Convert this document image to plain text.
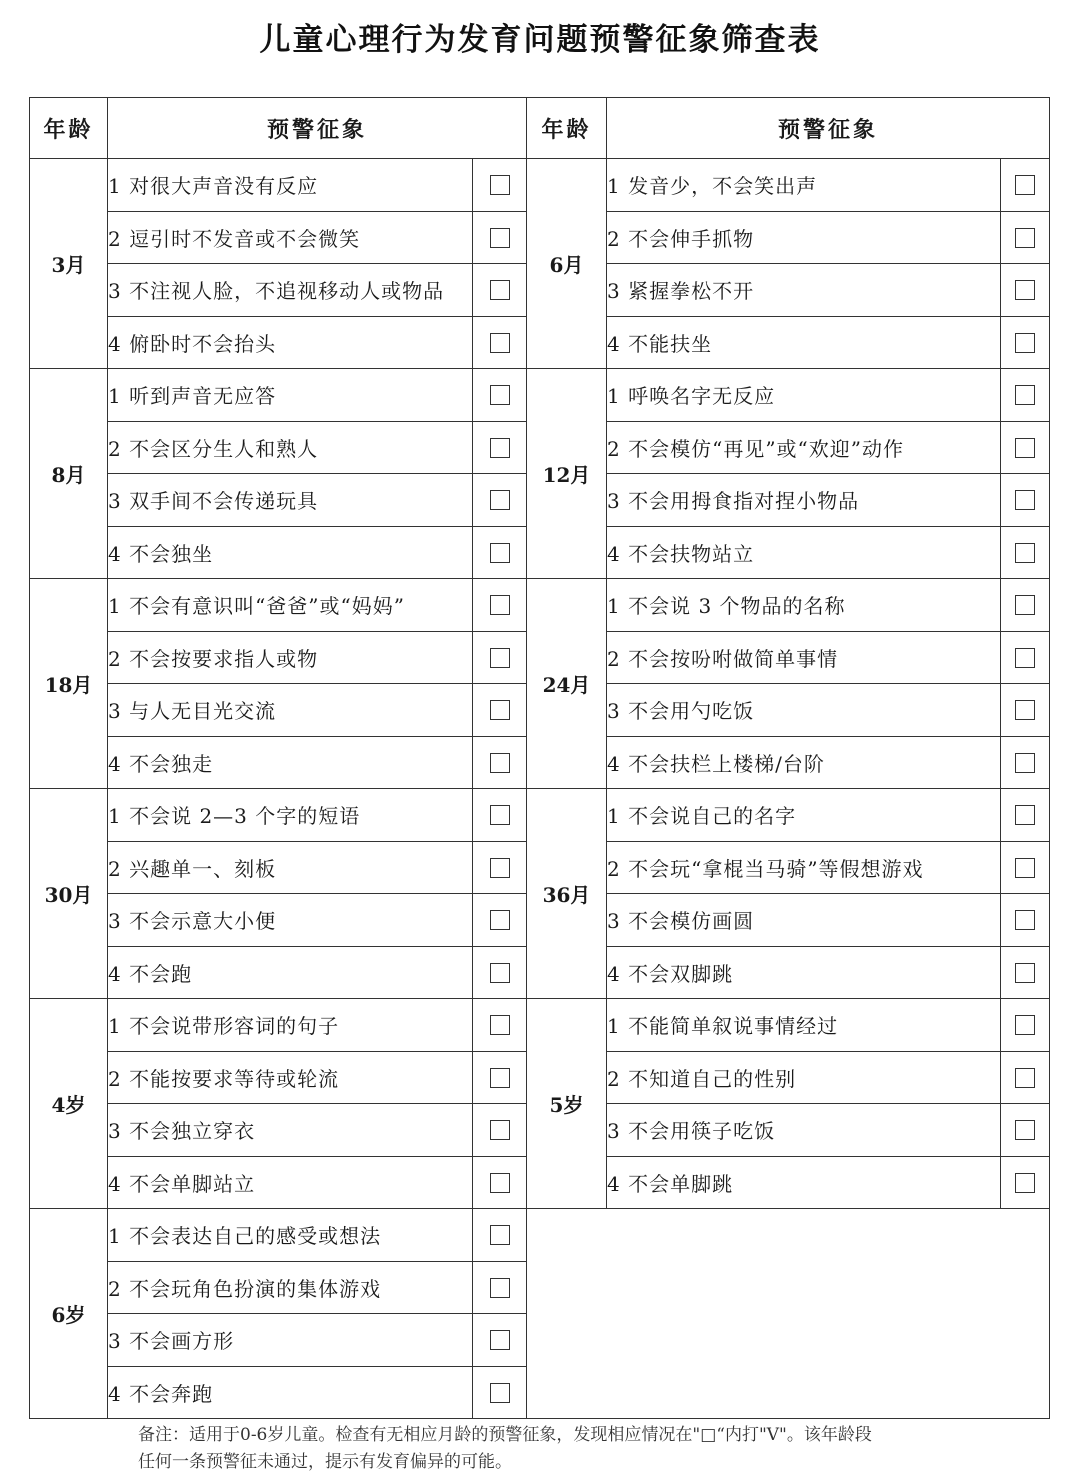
儿童心理行为发育问题预警征象筛查表
年龄	预警征象		年龄	预警征象	
3月	1 对很大声音没有反应		6月	1 发音少，不会笑出声	
	2 逗引时不发音或不会微笑			2 不会伸手抓物	
	3 不注视人脸，不追视移动人或物品			3 紧握拳松不开	
	4 俯卧时不会抬头			4 不能扶坐	
8月	1 听到声音无应答		12月	1 呼唤名字无反应	
	2 不会区分生人和熟人			2 不会模仿“再见”或“欢迎”动作	
	3 双手间不会传递玩具			3 不会用拇食指对捏小物品	
	4 不会独坐			4 不会扶物站立	
18月	1 不会有意识叫“爸爸”或“妈妈”		24月	1 不会说 3 个物品的名称	
	2 不会按要求指人或物			2 不会按吩咐做简单事情	
	3 与人无目光交流			3 不会用勺吃饭	
	4 不会独走			4 不会扶栏上楼梯/台阶	
30月	1 不会说 2—3 个字的短语		36月	1 不会说自己的名字	
	2 兴趣单一、刻板			2 不会玩“拿棍当马骑”等假想游戏	
	3 不会示意大小便			3 不会模仿画圆	
	4 不会跑			4 不会双脚跳	
4岁	1 不会说带形容词的句子		5岁	1 不能简单叙说事情经过	
	2 不能按要求等待或轮流			2 不知道自己的性别	
	3 不会独立穿衣			3 不会用筷子吃饭	
	4 不会单脚站立			4 不会单脚跳	
6岁	1 不会表达自己的感受或想法				
	2 不会玩角色扮演的集体游戏				
	3 不会画方形				
	4 不会奔跑				
备注：适用于0-6岁儿童。检查有无相应月龄的预警征象，发现相应情况在"□“内打"V"。该年龄段
任何一条预警征未通过，提示有发育偏异的可能。
